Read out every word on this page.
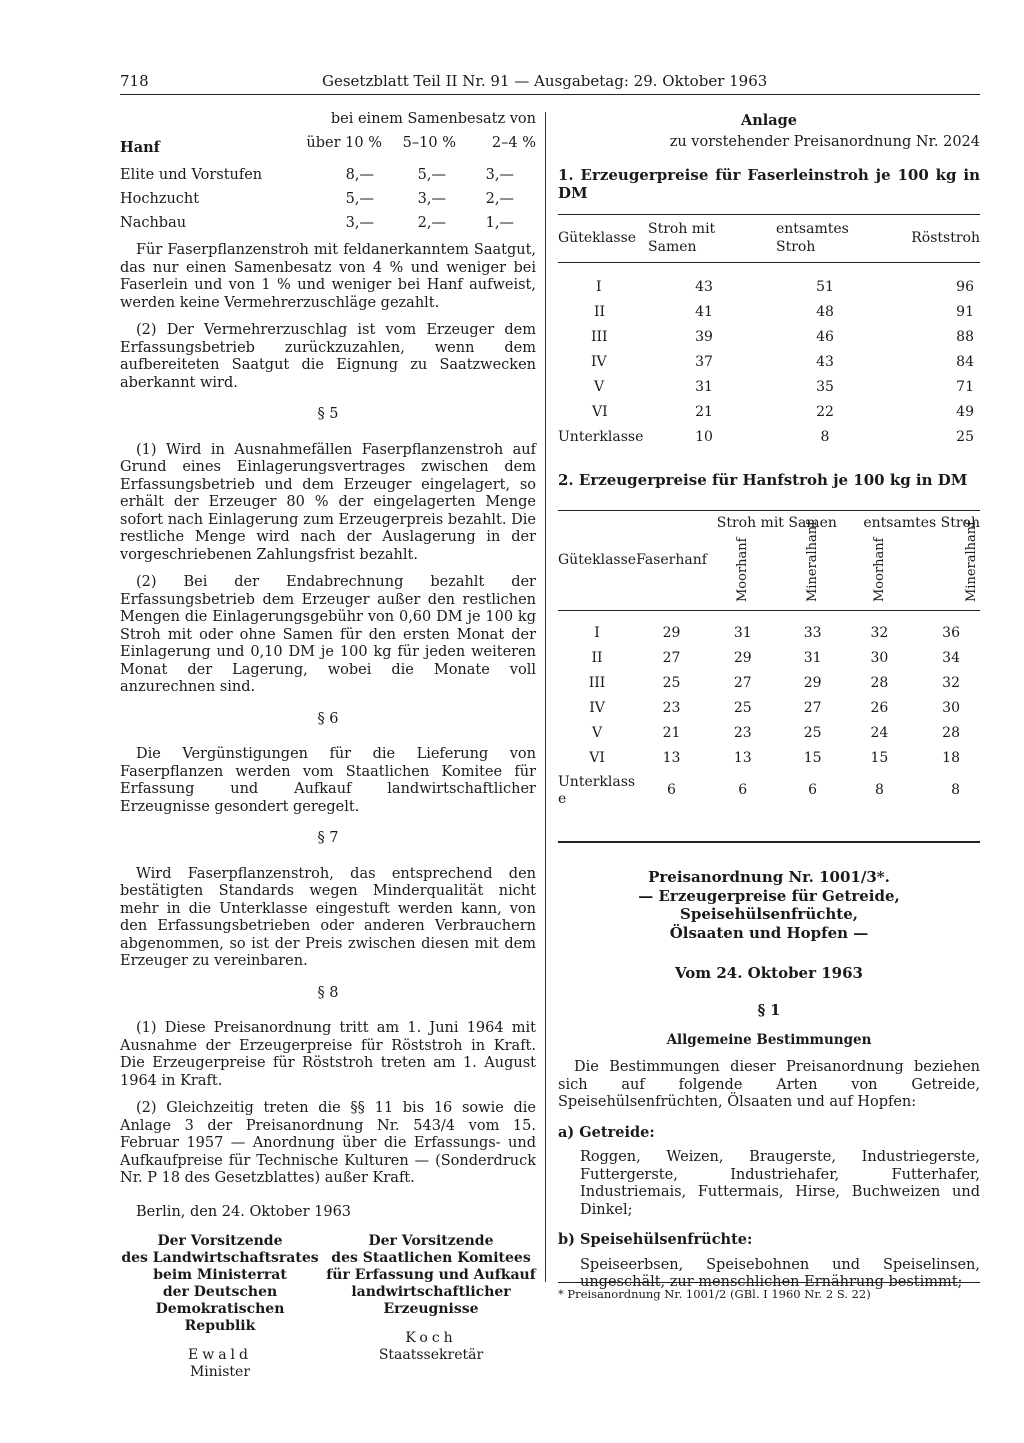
718	Gesetzblatt Teil II Nr. 91 — Ausgabetag: 29. Oktober 1963
	bei einem Samenbesatz von		
Hanf	über 10 %	5–10 %	2–4 %

Elite und Vorstufen	8,—	5,—	3,—
Hochzucht	5,—	3,—	2,—
Nachbau	3,—	2,—	1,—

Für Faserpflanzenstroh mit feldanerkanntem Saatgut, das nur einen Samenbesatz von 4 % und weniger bei Faserlein und von 1 % und weniger bei Hanf aufweist, werden keine Vermehrerzuschläge gezahlt.

(2) Der Vermehrerzuschlag ist vom Erzeuger dem Erfassungsbetrieb zurückzuzahlen, wenn dem aufbereiteten Saatgut die Eignung zu Saatzwecken aberkannt wird.

§ 5

(1) Wird in Ausnahmefällen Faserpflanzenstroh auf Grund eines Einlagerungsvertrages zwischen dem Erfassungsbetrieb und dem Erzeuger eingelagert, so erhält der Erzeuger 80 % der eingelagerten Menge sofort nach Einlagerung zum Erzeugerpreis bezahlt. Die restliche Menge wird nach der Auslagerung in der vorgeschriebenen Zahlungsfrist bezahlt.

(2) Bei der Endabrechnung bezahlt der Erfassungsbetrieb dem Erzeuger außer den restlichen Mengen die Einlagerungsgebühr von 0,60 DM je 100 kg Stroh mit oder ohne Samen für den ersten Monat der Einlagerung und 0,10 DM je 100 kg für jeden weiteren Monat der Lagerung, wobei die Monate voll anzurechnen sind.

§ 6

Die Vergünstigungen für die Lieferung von Faserpflanzen werden vom Staatlichen Komitee für Erfassung und Aufkauf landwirtschaftlicher Erzeugnisse gesondert geregelt.

§ 7

Wird Faserpflanzenstroh, das entsprechend den bestätigten Standards wegen Minderqualität nicht mehr in die Unterklasse eingestuft werden kann, von den Erfassungsbetrieben oder anderen Verbrauchern abgenommen, so ist der Preis zwischen diesen mit dem Erzeuger zu vereinbaren.

§ 8

(1) Diese Preisanordnung tritt am 1. Juni 1964 mit Ausnahme der Erzeugerpreise für Röststroh in Kraft. Die Erzeugerpreise für Röststroh treten am 1. August 1964 in Kraft.

(2) Gleichzeitig treten die §§ 11 bis 16 sowie die Anlage 3 der Preisanordnung Nr. 543/4 vom 15. Februar 1957 — Anordnung über die Erfassungs- und Aufkaufpreise für Technische Kulturen — (Sonderdruck Nr. P 18 des Gesetzblattes) außer Kraft.

Berlin, den 24. Oktober 1963

Der Vorsitzende
des Landwirtschaftsrates
beim Ministerrat
der Deutschen
Demokratischen Republik
Ewald
Minister
Der Vorsitzende
des Staatlichen Komitees
für Erfassung und Aufkauf
landwirtschaftlicher
Erzeugnisse
Koch
Staatssekretär

Anlage

zu vorstehender Preisanordnung Nr. 2024

1. Erzeugerpreise für Faserleinstroh je 100 kg in DM

Güteklasse	Stroh mit Samen	entsamtes Stroh	Röststroh

I	43	51	96
II	41	48	91
III	39	46	88
IV	37	43	84
V	31	35	71
VI	21	22	49
Unterklasse	10	8	25

2. Erzeugerpreise für Hanfstroh je 100 kg in DM

		Stroh mit Samen		entsamtes Stroh	
Güteklasse	Faserhanf	Moorhanf	Mineralhanf	Moorhanf	Mineralhanf

I	29	31	33	32	36
II	27	29	31	30	34
III	25	27	29	28	32
IV	23	25	27	26	30
V	21	23	25	24	28
VI	13	13	15	15	18
Unterklasse	6	6	6	8	8

Preisanordnung Nr. 1001/3*.

— Erzeugerpreise für Getreide, Speisehülsenfrüchte,

Ölsaaten und Hopfen —

Vom 24. Oktober 1963

§ 1

Allgemeine Bestimmungen

Die Bestimmungen dieser Preisanordnung beziehen sich auf folgende Arten von Getreide, Speisehülsenfrüchten, Ölsaaten und auf Hopfen:

a) Getreide:

Roggen, Weizen, Braugerste, Industriegerste, Futtergerste, Industriehafer, Futterhafer, Industriemais, Futtermais, Hirse, Buchweizen und Dinkel;

b) Speisehülsenfrüchte:

Speiseerbsen, Speisebohnen und Speiselinsen, ungeschält, zur menschlichen Ernährung bestimmt;

* Preisanordnung Nr. 1001/2 (GBl. I 1960 Nr. 2 S. 22)
